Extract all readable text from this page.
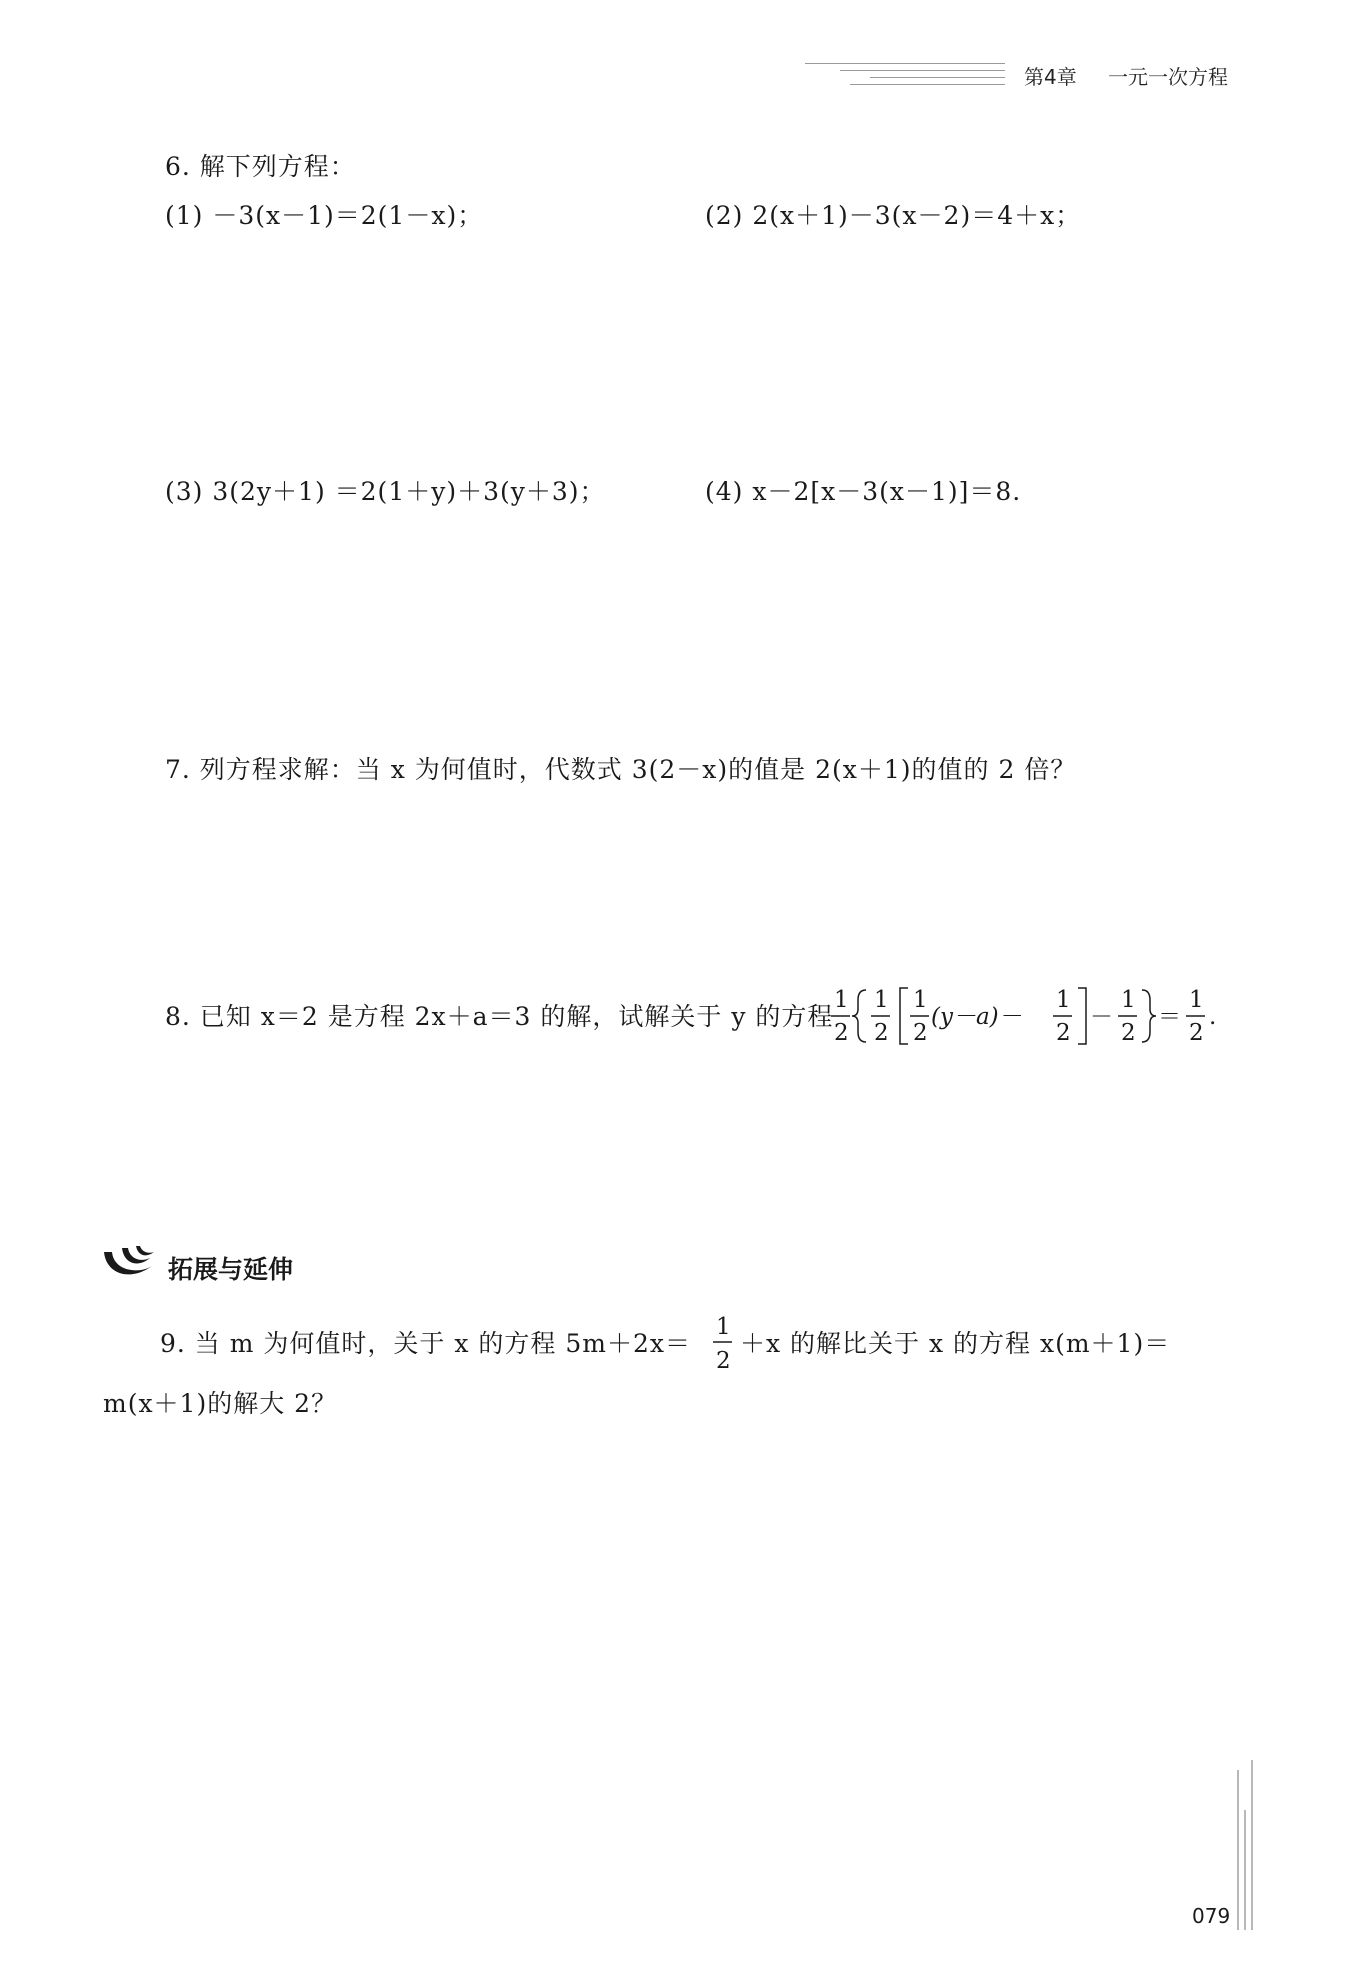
第4章 一元一次方程
6. 解下列方程：
(1) －3(x－1)＝2(1－x)；	(2) 2(x＋1)－3(x－2)＝4＋x；
(3) 3(2y＋1) ＝2(1＋y)＋3(y＋3)；	(4) x－2[x－3(x－1)]＝8.
7. 列方程求解：当 x 为何值时，代数式 3(2－x)的值是 2(x＋1)的值的 2 倍？
8. 已知 x＝2 是方程 2x＋a＝3 的解，试解关于 y 的方程
1
2
1
2
1
2
(y－a)－
1
2
－
1
2
＝
1
2
.
拓展与延伸
9. 当 m 为何值时，关于 x 的方程 5m＋2x＝
1
2
＋x 的解比关于 x 的方程 x(m＋1)＝
m(x＋1)的解大 2？
079
